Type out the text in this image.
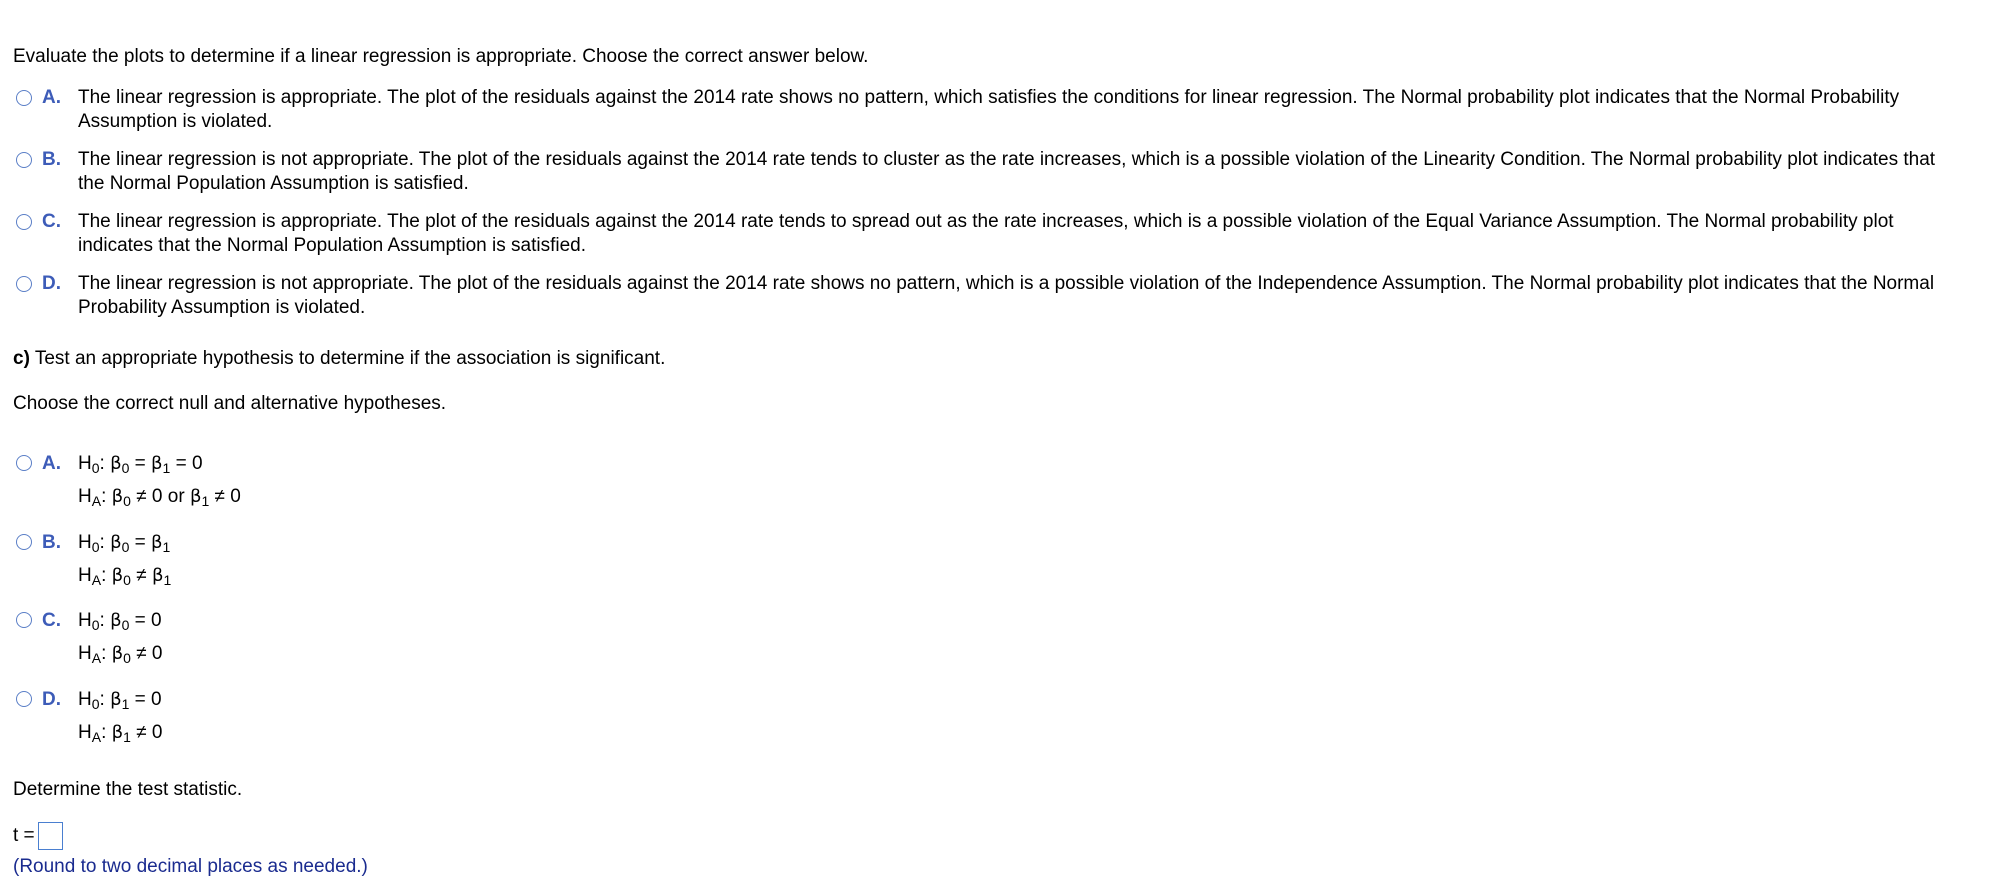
Evaluate the plots to determine if a linear regression is appropriate. Choose the correct answer below.
A. The linear regression is appropriate. The plot of the residuals against the 2014 rate shows no pattern, which satisfies the conditions for linear regression. The Normal probability plot indicates that the Normal Probability Assumption is violated.
B. The linear regression is not appropriate. The plot of the residuals against the 2014 rate tends to cluster as the rate increases, which is a possible violation of the Linearity Condition. The Normal probability plot indicates that the Normal Population Assumption is satisfied.
C. The linear regression is appropriate. The plot of the residuals against the 2014 rate tends to spread out as the rate increases, which is a possible violation of the Equal Variance Assumption. The Normal probability plot indicates that the Normal Population Assumption is satisfied.
D. The linear regression is not appropriate. The plot of the residuals against the 2014 rate shows no pattern, which is a possible violation of the Independence Assumption. The Normal probability plot indicates that the Normal Probability Assumption is violated.
c) Test an appropriate hypothesis to determine if the association is significant.
Choose the correct null and alternative hypotheses.
A. $H_0$: $\beta_0 = \beta_1 = 0$
$H_A$: $\beta_0 \ne 0$ or $\beta_1 \ne 0$
B. $H_0$: $\beta_0 = \beta_1$
$H_A$: $\beta_0 \ne \beta_1$
C. $H_0$: $\beta_0 = 0$
$H_A$: $\beta_0 \ne 0$
D. $H_0$: $\beta_1 = 0$
$H_A$: $\beta_1 \ne 0$
Determine the test statistic.
t =
(Round to two decimal places as needed.)
